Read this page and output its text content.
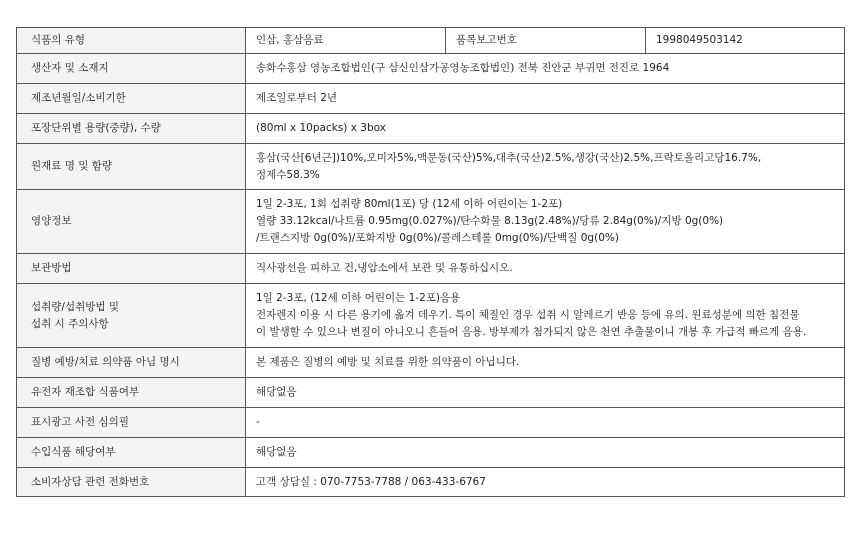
식품의 유형	인삼, 홍삼음료	품목보고번호	1998049503142
생산자 및 소재지	송화수홍삼 영농조합법인(구 삼신인삼가공영농조합법인) 전북 진안군 부귀면 전진로 1964		
제조년월일/소비기한	제조일로부터 2년		
포장단위별 용량(중량), 수량	(80ml x 10packs) x 3box		
원재료 명 및 함량	홍삼(국산[6년근])10%,오미자5%,맥문동(국산)5%,대추(국산)2.5%,생강(국산)2.5%,프락토올리고당16.7%,
정제수58.3%		

영양정보	1일 2-3포, 1회 섭취량 80ml(1포) 당 (12세 이하 어린이는 1-2포)
열량 33.12kcal/나트륨 0.95mg(0.027%)/탄수화물 8.13g(2.48%)/당류 2.84g(0%)/지방 0g(0%)
/트랜스지방 0g(0%)/포화지방 0g(0%)/콜레스테롤 0mg(0%)/단백질 0g(0%)		

보관방법	직사광선을 피하고 건,냉암소에서 보관 및 유통하십시오.		

섭취량/섭취방법 및
섭취 시 주의사항	1일 2-3포, (12세 이하 어린이는 1-2포)음용
전자렌지 이용 시 다른 용기에 옮겨 데우기. 특이 체질인 경우 섭취 시 알레르기 반응 등에 유의. 원료성분에 의한 침전물
이 발생할 수 있으나 변질이 아니오니 흔들어 음용. 방부제가 첨가되지 않은 천연 추출물이니 개봉 후 가급적 빠르게 음용.		

질병 예방/치료 의약품 아님 명시	본 제품은 질병의 예방 및 치료를 위한 의약품이 아닙니다.		
유전자 재조합 식품여부	해당없음		
표시광고 사전 심의필	-		
수입식품 해당여부	해당없음		
소비자상담 관련 전화번호	고객 상담실 : 070-7753-7788 / 063-433-6767		
